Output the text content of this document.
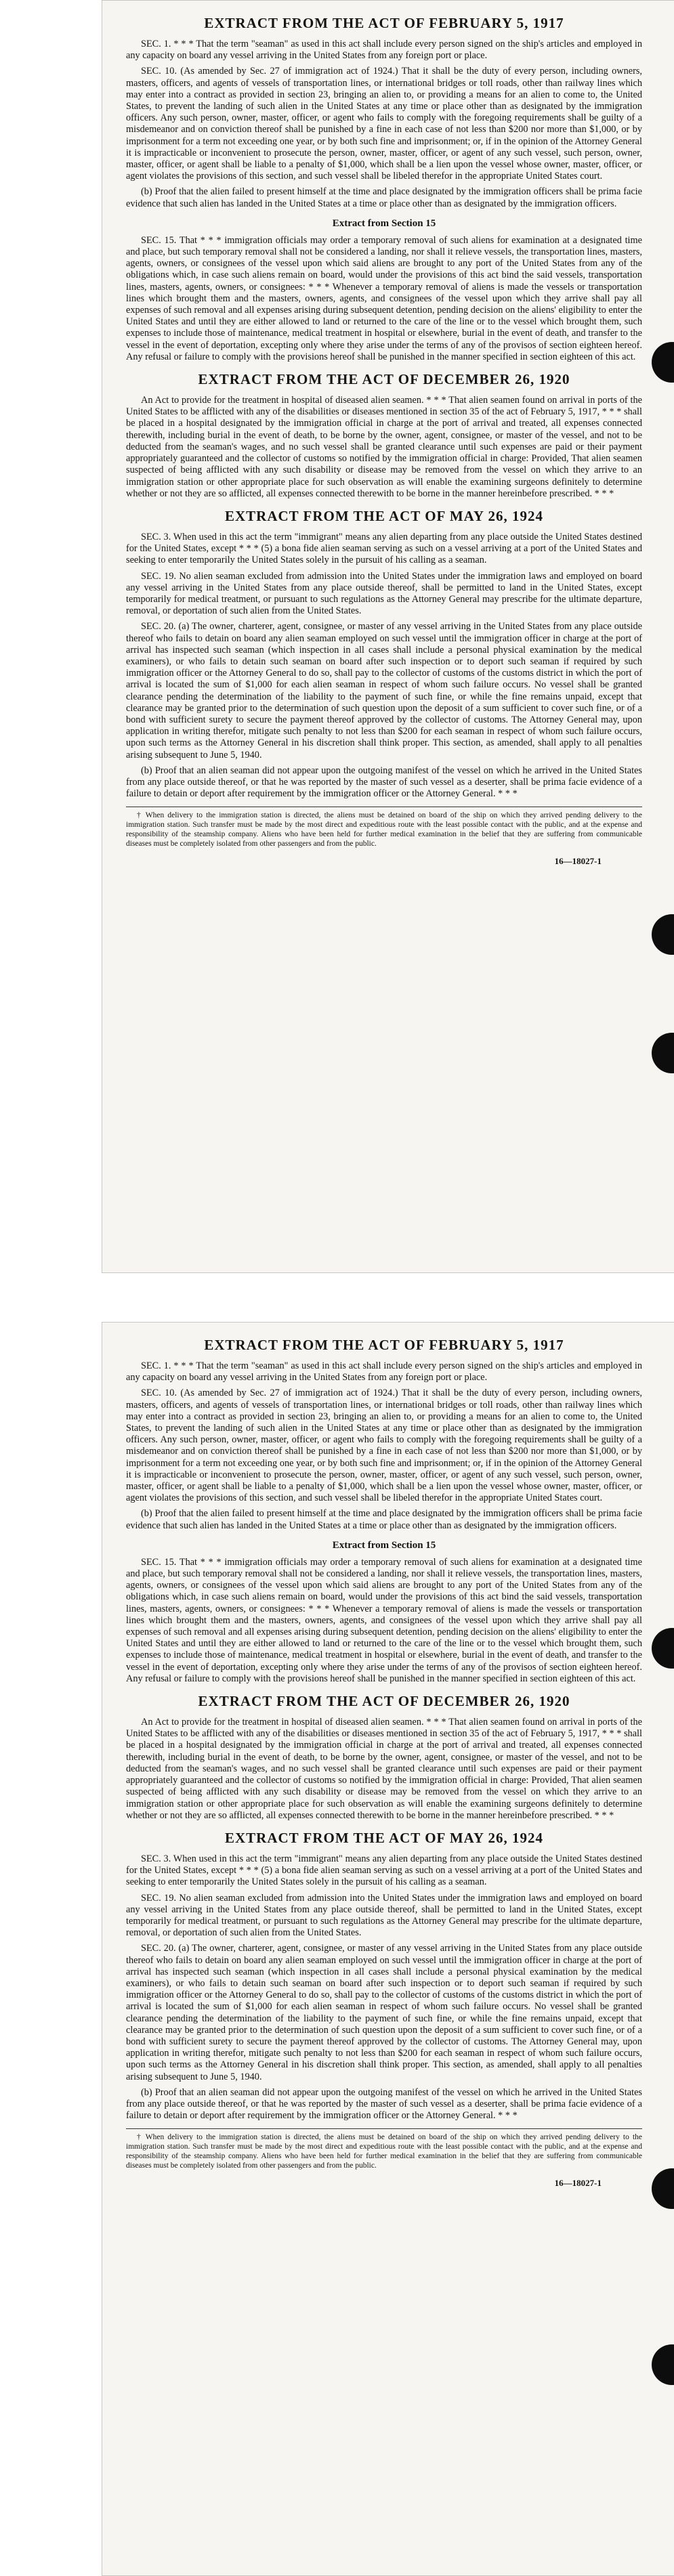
EXTRACT FROM THE ACT OF FEBRUARY 5, 1917

SEC. 1. * * * That the term "seaman" as used in this act shall include every person signed on the ship's articles and employed in any capacity on board any vessel arriving in the United States from any foreign port or place.

SEC. 10. (As amended by Sec. 27 of immigration act of 1924.) That it shall be the duty of every person, including owners, masters, officers, and agents of vessels of transportation lines, or international bridges or toll roads, other than railway lines which may enter into a contract as provided in section 23, bringing an alien to, or providing a means for an alien to come to, the United States, to prevent the landing of such alien in the United States at any time or place other than as designated by the immigration officers. Any such person, owner, master, officer, or agent who fails to comply with the foregoing requirements shall be guilty of a misdemeanor and on conviction thereof shall be punished by a fine in each case of not less than $200 nor more than $1,000, or by imprisonment for a term not exceeding one year, or by both such fine and imprisonment; or, if in the opinion of the Attorney General it is impracticable or inconvenient to prosecute the person, owner, master, officer, or agent of any such vessel, such person, owner, master, officer, or agent shall be liable to a penalty of $1,000, which shall be a lien upon the vessel whose owner, master, officer, or agent violates the provisions of this section, and such vessel shall be libeled therefor in the appropriate United States court.

(b) Proof that the alien failed to present himself at the time and place designated by the immigration officers shall be prima facie evidence that such alien has landed in the United States at a time or place other than as designated by the immigration officers.

Extract from Section 15

SEC. 15. That * * * immigration officials may order a temporary removal of such aliens for examination at a designated time and place, but such temporary removal shall not be considered a landing, nor shall it relieve vessels, the transportation lines, masters, agents, owners, or consignees of the vessel upon which said aliens are brought to any port of the United States from any of the obligations which, in case such aliens remain on board, would under the provisions of this act bind the said vessels, transportation lines, masters, agents, owners, or consignees: * * * Whenever a temporary removal of aliens is made the vessels or transportation lines which brought them and the masters, owners, agents, and consignees of the vessel upon which they arrive shall pay all expenses of such removal and all expenses arising during subsequent detention, pending decision on the aliens' eligibility to enter the United States and until they are either allowed to land or returned to the care of the line or to the vessel which brought them, such expenses to include those of maintenance, medical treatment in hospital or elsewhere, burial in the event of death, and transfer to the vessel in the event of deportation, excepting only where they arise under the terms of any of the provisos of section eighteen hereof. Any refusal or failure to comply with the provisions hereof shall be punished in the manner specified in section eighteen of this act.

EXTRACT FROM THE ACT OF DECEMBER 26, 1920

An Act to provide for the treatment in hospital of diseased alien seamen. * * * That alien seamen found on arrival in ports of the United States to be afflicted with any of the disabilities or diseases mentioned in section 35 of the act of February 5, 1917, * * * shall be placed in a hospital designated by the immigration official in charge at the port of arrival and treated, all expenses connected therewith, including burial in the event of death, to be borne by the owner, agent, consignee, or master of the vessel, and not to be deducted from the seaman's wages, and no such vessel shall be granted clearance until such expenses are paid or their payment appropriately guaranteed and the collector of customs so notified by the immigration official in charge: Provided, That alien seamen suspected of being afflicted with any such disability or disease may be removed from the vessel on which they arrive to an immigration station or other appropriate place for such observation as will enable the examining surgeons definitely to determine whether or not they are so afflicted, all expenses connected therewith to be borne in the manner hereinbefore prescribed. * * *

EXTRACT FROM THE ACT OF MAY 26, 1924

SEC. 3. When used in this act the term "immigrant" means any alien departing from any place outside the United States destined for the United States, except * * * (5) a bona fide alien seaman serving as such on a vessel arriving at a port of the United States and seeking to enter temporarily the United States solely in the pursuit of his calling as a seaman.

SEC. 19. No alien seaman excluded from admission into the United States under the immigration laws and employed on board any vessel arriving in the United States from any place outside thereof, shall be permitted to land in the United States, except temporarily for medical treatment, or pursuant to such regulations as the Attorney General may prescribe for the ultimate departure, removal, or deportation of such alien from the United States.

SEC. 20. (a) The owner, charterer, agent, consignee, or master of any vessel arriving in the United States from any place outside thereof who fails to detain on board any alien seaman employed on such vessel until the immigration officer in charge at the port of arrival has inspected such seaman (which inspection in all cases shall include a personal physical examination by the medical examiners), or who fails to detain such seaman on board after such inspection or to deport such seaman if required by such immigration officer or the Attorney General to do so, shall pay to the collector of customs of the customs district in which the port of arrival is located the sum of $1,000 for each alien seaman in respect of whom such failure occurs. No vessel shall be granted clearance pending the determination of the liability to the payment of such fine, or while the fine remains unpaid, except that clearance may be granted prior to the determination of such question upon the deposit of a sum sufficient to cover such fine, or of a bond with sufficient surety to secure the payment thereof approved by the collector of customs. The Attorney General may, upon application in writing therefor, mitigate such penalty to not less than $200 for each seaman in respect of whom such failure occurs, upon such terms as the Attorney General in his discretion shall think proper. This section, as amended, shall apply to all penalties arising subsequent to June 5, 1940.

(b) Proof that an alien seaman did not appear upon the outgoing manifest of the vessel on which he arrived in the United States from any place outside thereof, or that he was reported by the master of such vessel as a deserter, shall be prima facie evidence of a failure to detain or deport after requirement by the immigration officer or the Attorney General. * * *

† When delivery to the immigration station is directed, the aliens must be detained on board of the ship on which they arrived pending delivery to the immigration station. Such transfer must be made by the most direct and expeditious route with the least possible contact with the public, and at the expense and responsibility of the steamship company. Aliens who have been held for further medical examination in the belief that they are suffering from communicable diseases must be completely isolated from other passengers and from the public.

16—18027-1
EXTRACT FROM THE ACT OF FEBRUARY 5, 1917

SEC. 1. * * * That the term "seaman" as used in this act shall include every person signed on the ship's articles and employed in any capacity on board any vessel arriving in the United States from any foreign port or place.

SEC. 10. (As amended by Sec. 27 of immigration act of 1924.) That it shall be the duty of every person, including owners, masters, officers, and agents of vessels of transportation lines, or international bridges or toll roads, other than railway lines which may enter into a contract as provided in section 23, bringing an alien to, or providing a means for an alien to come to, the United States, to prevent the landing of such alien in the United States at any time or place other than as designated by the immigration officers. Any such person, owner, master, officer, or agent who fails to comply with the foregoing requirements shall be guilty of a misdemeanor and on conviction thereof shall be punished by a fine in each case of not less than $200 nor more than $1,000, or by imprisonment for a term not exceeding one year, or by both such fine and imprisonment; or, if in the opinion of the Attorney General it is impracticable or inconvenient to prosecute the person, owner, master, officer, or agent of any such vessel, such person, owner, master, officer, or agent shall be liable to a penalty of $1,000, which shall be a lien upon the vessel whose owner, master, officer, or agent violates the provisions of this section, and such vessel shall be libeled therefor in the appropriate United States court.

(b) Proof that the alien failed to present himself at the time and place designated by the immigration officers shall be prima facie evidence that such alien has landed in the United States at a time or place other than as designated by the immigration officers.

Extract from Section 15

SEC. 15. That * * * immigration officials may order a temporary removal of such aliens for examination at a designated time and place, but such temporary removal shall not be considered a landing, nor shall it relieve vessels, the transportation lines, masters, agents, owners, or consignees of the vessel upon which said aliens are brought to any port of the United States from any of the obligations which, in case such aliens remain on board, would under the provisions of this act bind the said vessels, transportation lines, masters, agents, owners, or consignees: * * * Whenever a temporary removal of aliens is made the vessels or transportation lines which brought them and the masters, owners, agents, and consignees of the vessel upon which they arrive shall pay all expenses of such removal and all expenses arising during subsequent detention, pending decision on the aliens' eligibility to enter the United States and until they are either allowed to land or returned to the care of the line or to the vessel which brought them, such expenses to include those of maintenance, medical treatment in hospital or elsewhere, burial in the event of death, and transfer to the vessel in the event of deportation, excepting only where they arise under the terms of any of the provisos of section eighteen hereof. Any refusal or failure to comply with the provisions hereof shall be punished in the manner specified in section eighteen of this act.

EXTRACT FROM THE ACT OF DECEMBER 26, 1920

An Act to provide for the treatment in hospital of diseased alien seamen. * * * That alien seamen found on arrival in ports of the United States to be afflicted with any of the disabilities or diseases mentioned in section 35 of the act of February 5, 1917, * * * shall be placed in a hospital designated by the immigration official in charge at the port of arrival and treated, all expenses connected therewith, including burial in the event of death, to be borne by the owner, agent, consignee, or master of the vessel, and not to be deducted from the seaman's wages, and no such vessel shall be granted clearance until such expenses are paid or their payment appropriately guaranteed and the collector of customs so notified by the immigration official in charge: Provided, That alien seamen suspected of being afflicted with any such disability or disease may be removed from the vessel on which they arrive to an immigration station or other appropriate place for such observation as will enable the examining surgeons definitely to determine whether or not they are so afflicted, all expenses connected therewith to be borne in the manner hereinbefore prescribed. * * *

EXTRACT FROM THE ACT OF MAY 26, 1924

SEC. 3. When used in this act the term "immigrant" means any alien departing from any place outside the United States destined for the United States, except * * * (5) a bona fide alien seaman serving as such on a vessel arriving at a port of the United States and seeking to enter temporarily the United States solely in the pursuit of his calling as a seaman.

SEC. 19. No alien seaman excluded from admission into the United States under the immigration laws and employed on board any vessel arriving in the United States from any place outside thereof, shall be permitted to land in the United States, except temporarily for medical treatment, or pursuant to such regulations as the Attorney General may prescribe for the ultimate departure, removal, or deportation of such alien from the United States.

SEC. 20. (a) The owner, charterer, agent, consignee, or master of any vessel arriving in the United States from any place outside thereof who fails to detain on board any alien seaman employed on such vessel until the immigration officer in charge at the port of arrival has inspected such seaman (which inspection in all cases shall include a personal physical examination by the medical examiners), or who fails to detain such seaman on board after such inspection or to deport such seaman if required by such immigration officer or the Attorney General to do so, shall pay to the collector of customs of the customs district in which the port of arrival is located the sum of $1,000 for each alien seaman in respect of whom such failure occurs. No vessel shall be granted clearance pending the determination of the liability to the payment of such fine, or while the fine remains unpaid, except that clearance may be granted prior to the determination of such question upon the deposit of a sum sufficient to cover such fine, or of a bond with sufficient surety to secure the payment thereof approved by the collector of customs. The Attorney General may, upon application in writing therefor, mitigate such penalty to not less than $200 for each seaman in respect of whom such failure occurs, upon such terms as the Attorney General in his discretion shall think proper. This section, as amended, shall apply to all penalties arising subsequent to June 5, 1940.

(b) Proof that an alien seaman did not appear upon the outgoing manifest of the vessel on which he arrived in the United States from any place outside thereof, or that he was reported by the master of such vessel as a deserter, shall be prima facie evidence of a failure to detain or deport after requirement by the immigration officer or the Attorney General. * * *

† When delivery to the immigration station is directed, the aliens must be detained on board of the ship on which they arrived pending delivery to the immigration station. Such transfer must be made by the most direct and expeditious route with the least possible contact with the public, and at the expense and responsibility of the steamship company. Aliens who have been held for further medical examination in the belief that they are suffering from communicable diseases must be completely isolated from other passengers and from the public.

16—18027-1
